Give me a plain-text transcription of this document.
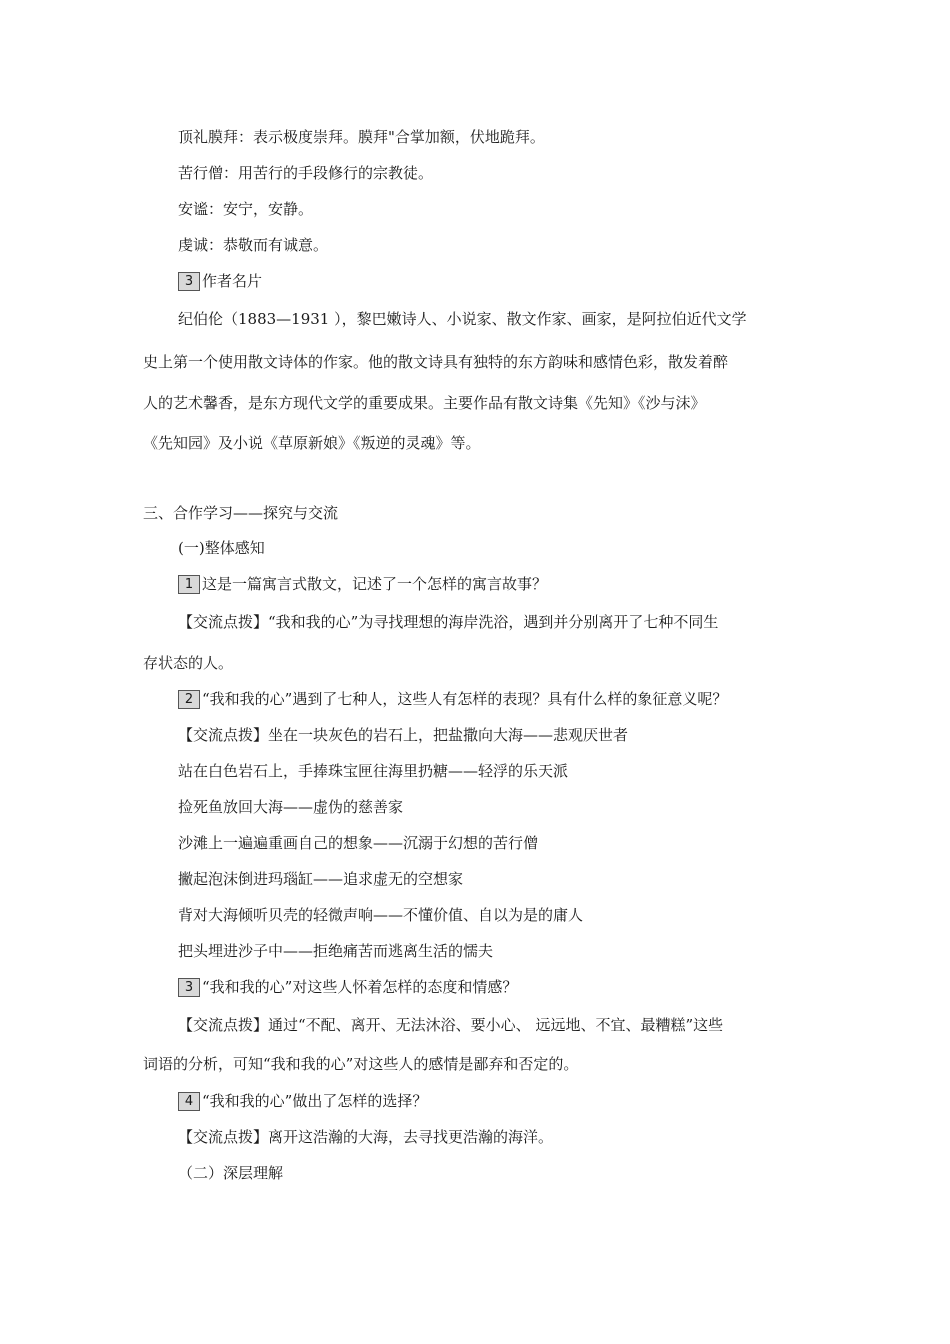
顶礼膜拜：表示极度崇拜。膜拜"合掌加额，伏地跪拜。
苦行僧：用苦行的手段修行的宗教徒。
安谧：安宁，安静。
虔诚：恭敬而有诚意。
3 作者名片
纪伯伦（1883—1931 ），黎巴嫩诗人、小说家、散文作家、画家，是阿拉伯近代文学
史上第一个使用散文诗体的作家。他的散文诗具有独特的东方韵味和感情色彩，散发着醉
人的艺术馨香，是东方现代文学的重要成果。主要作品有散文诗集《先知》《沙与沫》
《先知园》及小说《草原新娘》《叛逆的灵魂》等。
三、合作学习——探究与交流
(一)整体感知
1 这是一篇寓言式散文，记述了一个怎样的寓言故事？
【交流点拨】“我和我的心”为寻找理想的海岸洗浴，遇到并分别离开了七种不同生
存状态的人。
2 “我和我的心”遇到了七种人，这些人有怎样的表现？具有什么样的象征意义呢？
【交流点拨】坐在一块灰色的岩石上，把盐撒向大海——悲观厌世者
站在白色岩石上，手捧珠宝匣往海里扔糖——轻浮的乐天派
捡死鱼放回大海——虚伪的慈善家
沙滩上一遍遍重画自己的想象——沉溺于幻想的苦行僧
撇起泡沫倒进玛瑙缸——追求虚无的空想家
背对大海倾听贝壳的轻微声响——不懂价值、自以为是的庸人
把头埋进沙子中——拒绝痛苦而逃离生活的懦夫
3 “我和我的心”对这些人怀着怎样的态度和情感？
【交流点拨】通过“不配、离开、无法沐浴、要小心、 远远地、不宜、最糟糕”这些
词语的分析，可知“我和我的心”对这些人的感情是鄙弃和否定的。
4 “我和我的心”做出了怎样的选择？
【交流点拨】离开这浩瀚的大海，去寻找更浩瀚的海洋。
（二）深层理解
